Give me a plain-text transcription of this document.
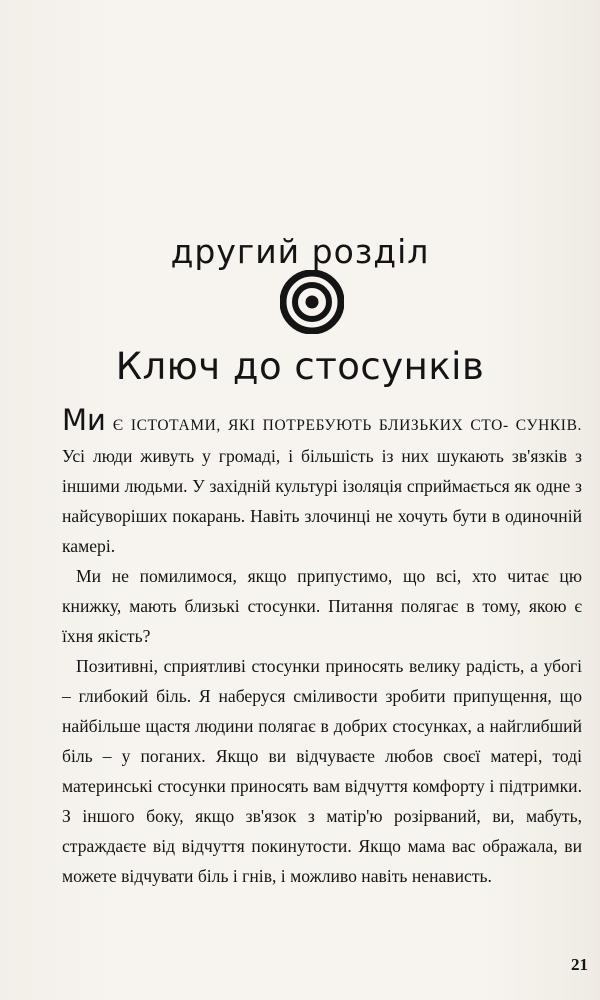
другий розділ
Ключ до стосунків

Ми Є ІСТОТАМИ, ЯКІ ПОТРЕБУЮТЬ БЛИЗЬКИХ СТО- СУНКІВ. Усі люди живуть у громаді, і більшість із них шукають зв'язків з іншими людьми. У західній культурі ізоляція сприймається як одне з найсуворіших покарань. Навіть злочинці не хочуть бути в одиночній камері.

Ми не помилимося, якщо припустимо, що всі, хто читає цю книжку, мають близькі стосунки. Питання полягає в тому, якою є їхня якість?

Позитивні, сприятливі стосунки приносять велику радість, а убогі – глибокий біль. Я наберуся сміливости зробити припущення, що найбільше щастя людини полягає в добрих стосунках, а найглибший біль – у поганих. Якщо ви відчуваєте любов своєї матері, тоді материнські стосунки приносять вам відчуття комфорту і підтримки. З іншого боку, якщо зв'язок з матір'ю розірваний, ви, мабуть, страждаєте від відчуття покинутости. Якщо мама вас ображала, ви можете відчувати біль і гнів, і можливо навіть ненависть.

21
